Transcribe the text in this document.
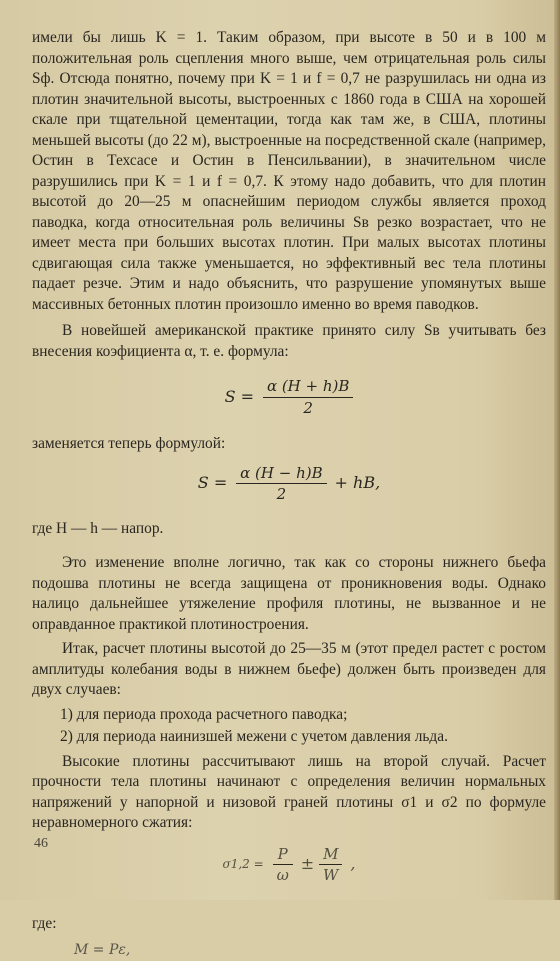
имели бы лишь K = 1. Таким образом, при высоте в 50 и в 100 м положительная роль сцепления много выше, чем отрицательная роль силы Sф. Отсюда понятно, почему при K = 1 и f = 0,7 не разрушилась ни одна из плотин значительной высоты, выстроенных с 1860 года в США на хорошей скале при тщательной цементации, тогда как там же, в США, плотины меньшей высоты (до 22 м), выстроенные на посредственной скале (например, Остин в Техсасе и Остин в Пенсильвании), в значительном числе разрушились при K = 1 и f = 0,7. К этому надо добавить, что для плотин высотой до 20—25 м опаснейшим периодом службы является проход паводка, когда относительная роль величины Sв резко возрастает, что не имеет места при больших высотах плотин. При малых высотах плотины сдвигающая сила также уменьшается, но эффективный вес тела плотины падает резче. Этим и надо объяснить, что разрушение упомянутых выше массивных бетонных плотин произошло именно во время паводков.

В новейшей американской практике принято силу Sв учитывать без внесения коэфициента α, т. е. формула:

$S = \frac{\alpha (H + h)B}{2}$

заменяется теперь формулой:

$S = \frac{\alpha (H - h)B}{2}$ + hB,

где H — h — напор.

Это изменение вполне логично, так как со стороны нижнего бьефа подошва плотины не всегда защищена от проникновения воды. Однако налицо дальнейшее утяжеление профиля плотины, не вызванное и не оправданное практикой плотиностроения.

Итак, расчет плотины высотой до 25—35 м (этот предел растет с ростом амплитуды колебания воды в нижнем бьефе) должен быть произведен для двух случаев:

1) для периода прохода расчетного паводка;

2) для периода наинизшей межени с учетом давления льда.

Высокие плотины рассчитывают лишь на второй случай. Расчет прочности тела плотины начинают с определения величин нормальных напряжений у напорной и низовой граней плотины σ1 и σ2 по формуле неравномерного сжатия:

$\sigma 1,2 = \frac{P}{\omega} \pm \frac{M}{W}$ ,

где:

M = Pε,

46
